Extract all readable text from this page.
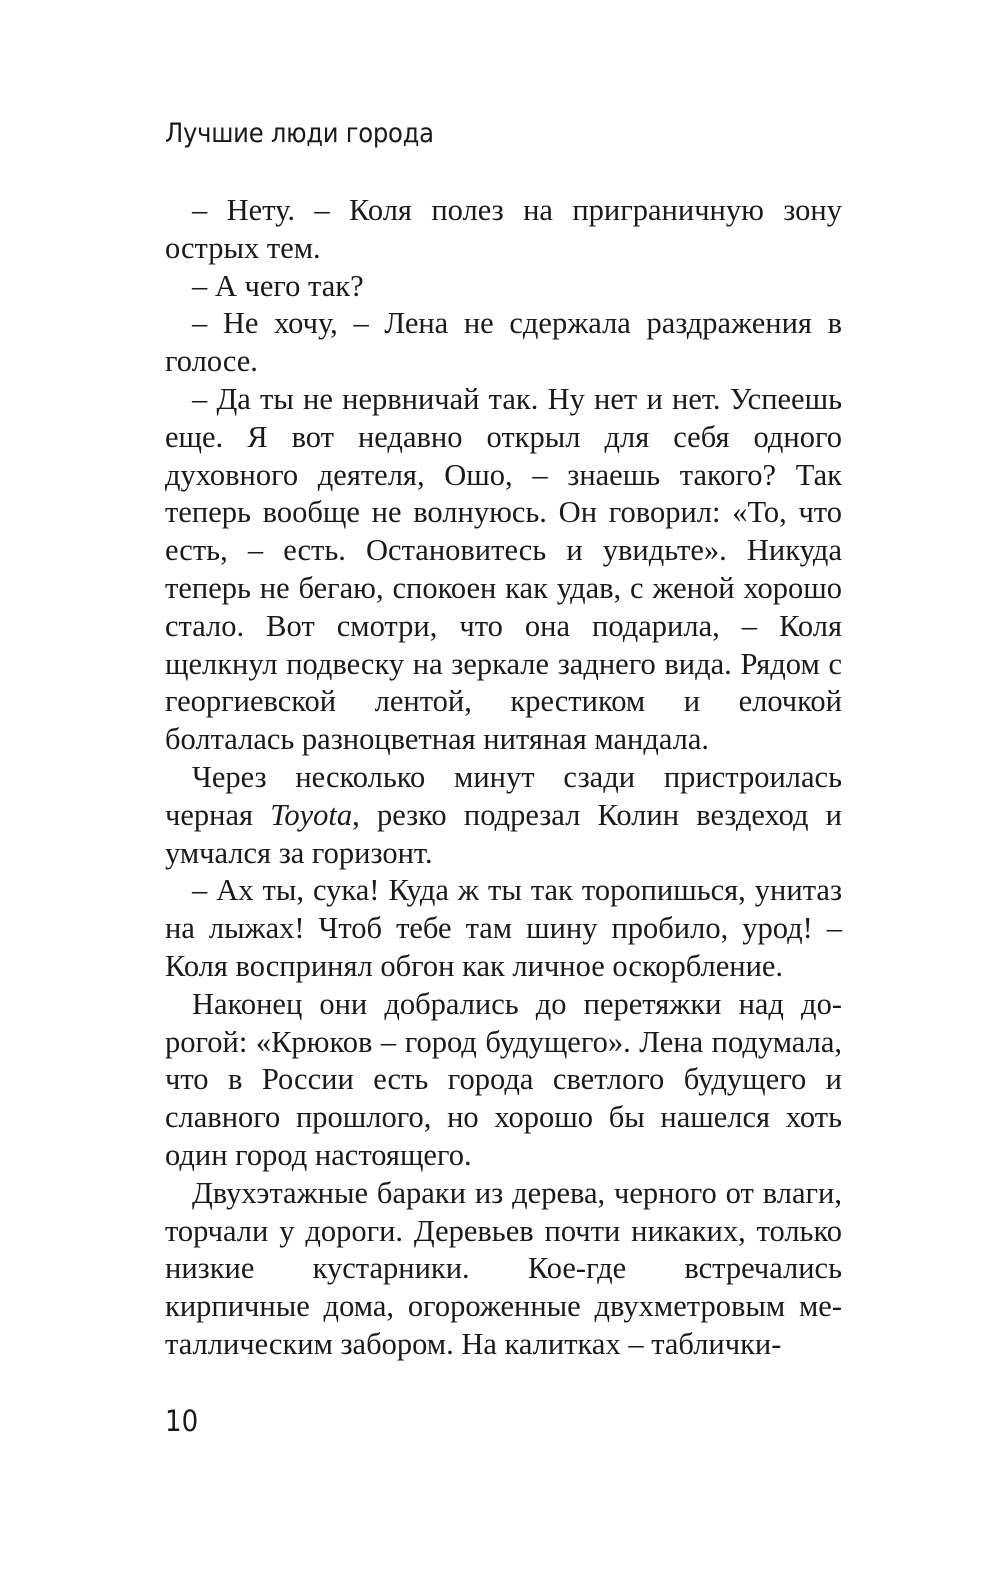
Лучшие люди города

– Нету. – Коля полез на приграничную зону острых тем.

– А чего так?

– Не хочу, – Лена не сдержала раздражения в голосе.

– Да ты не нервничай так. Ну нет и нет. Успеешь еще. Я вот недавно открыл для себя одного духовного деятеля, Ошо, – знаешь такого? Так теперь вообще не волнуюсь. Он говорил: «То, что есть, – есть. Остановитесь и увидьте». Никуда теперь не бегаю, спокоен как удав, с женой хорошо стало. Вот смотри, что она подарила, – Коля щелкнул подвеску на зеркале заднего вида. Рядом с георгиевской лентой, крестиком и елочкой болталась разноцветная нитяная мандала.

Через несколько минут сзади пристроилась черная Toyota, резко подрезал Колин вездеход и умчался за горизонт.

– Ах ты, сука! Куда ж ты так торопишься, унитаз на лыжах! Чтоб тебе там шину пробило, урод! – Коля воспринял обгон как личное оскорбление.

Наконец они добрались до перетяжки над дорогой: «Крюков – город будущего». Лена подумала, что в России есть города светлого будущего и славного прошлого, но хорошо бы нашелся хоть один город настоящего.

Двухэтажные бараки из дерева, черного от влаги, торчали у дороги. Деревьев почти никаких, только низкие кустарники. Кое-где встречались кирпичные дома, огороженные двухметровым металлическим забором. На калитках – таблички-

10
